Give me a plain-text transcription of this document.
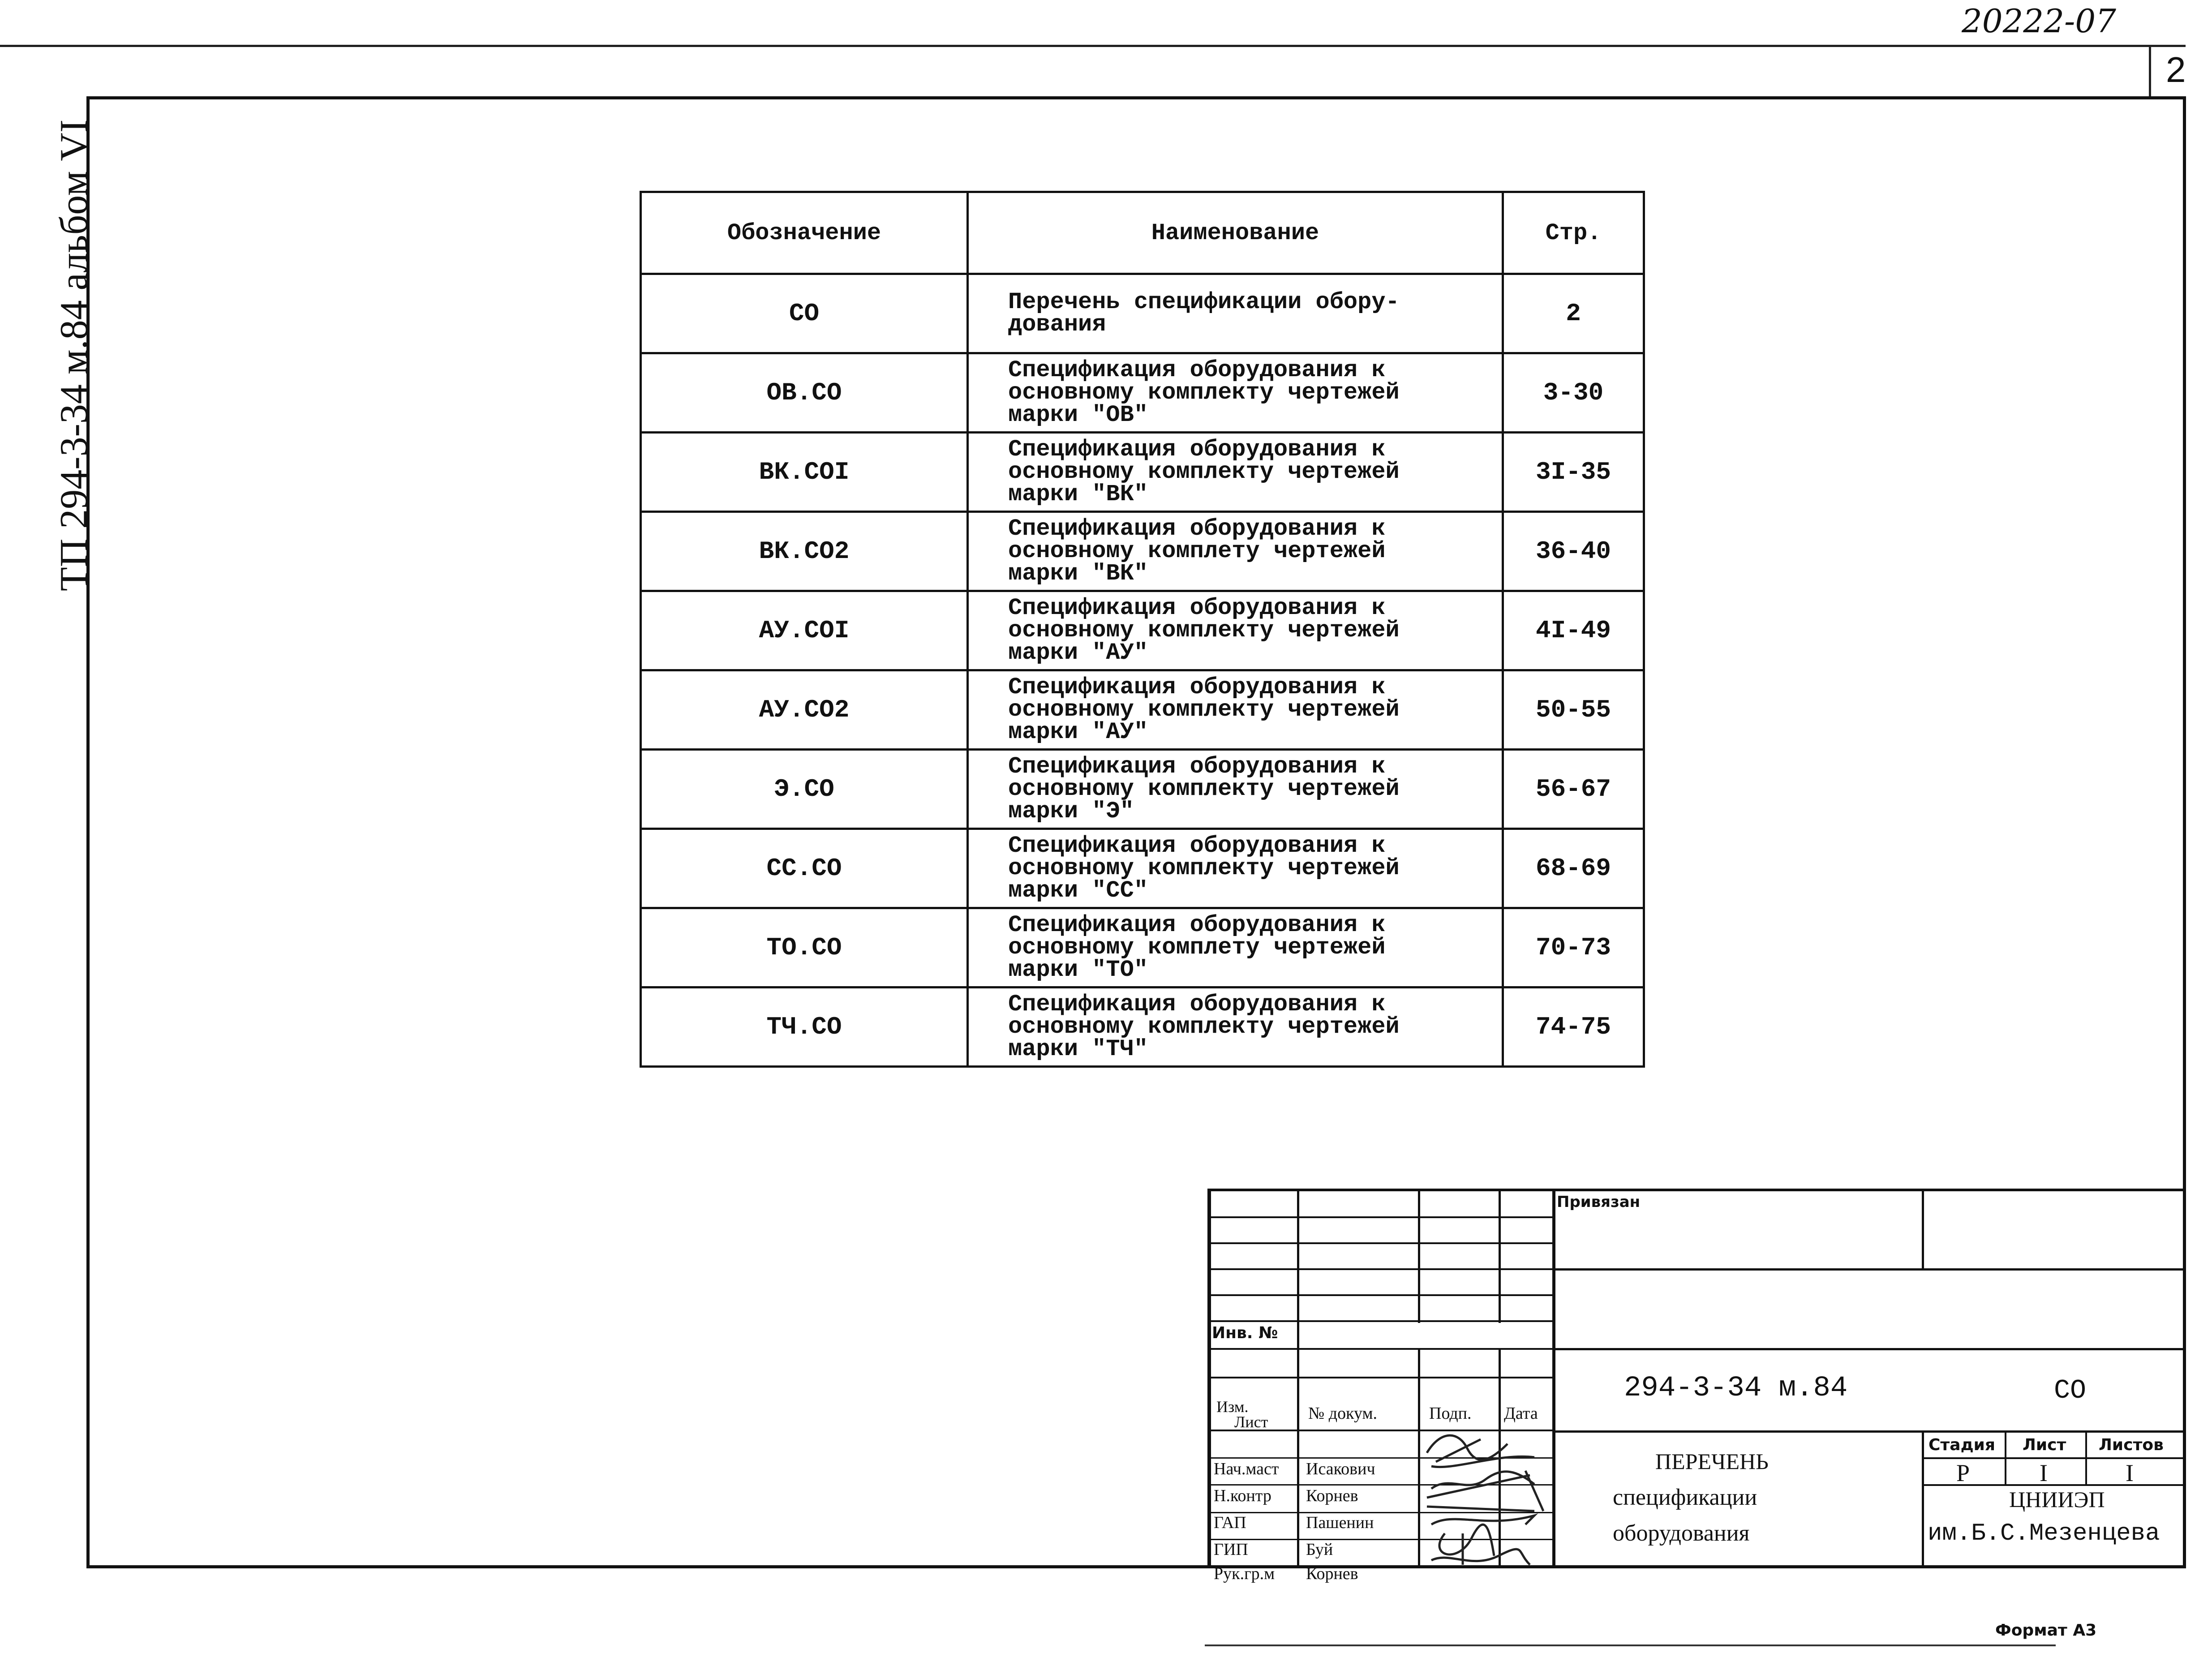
20222-07
2
ТП 294-3-34 м.84 альбом VI	Обозначение	Наименование	Стр.
СО	Перечень спецификации обору-
дования	2
ОВ.СО	Спецификация оборудования к
основному комплекту чертежей
марки "ОВ"	3-30
ВК.СОI	Спецификация оборудования к
основному комплекту чертежей
марки "ВК"	3I-35
ВК.СО2	Спецификация оборудования к
основному комплету чертежей
марки "ВК"	36-40
АУ.СОI	Спецификация оборудования к
основному комплекту чертежей
марки "АУ"	4I-49
АУ.СО2	Спецификация оборудования к
основному комплекту чертежей
марки "АУ"	50-55
Э.СО	Спецификация оборудования к
основному комплекту чертежей
марки "Э"	56-67
СС.СО	Спецификация оборудования к
основному комплекту чертежей
марки "СС"	68-69
ТО.СО	Спецификация оборудования к
основному комплету чертежей
марки "ТО"	70-73
ТЧ.СО	Спецификация оборудования к
основному комплекту чертежей
марки "ТЧ"	74-75
Привязан
Инв. №
294-3-34 м.84	СО
Изм.
Лист № докум.	Подп. Дата
Нач.маст Исакович
Н.контр Корнев
ГАП	Пашенин
ГИП	Буй
Рук.гр.м Корнев
ПЕРЕЧЕНЬ
спецификации
оборудования
Стадия Лист Листов
Р	I	I
ЦНИИЭП
им.Б.С.Мезенцева
Формат А3
